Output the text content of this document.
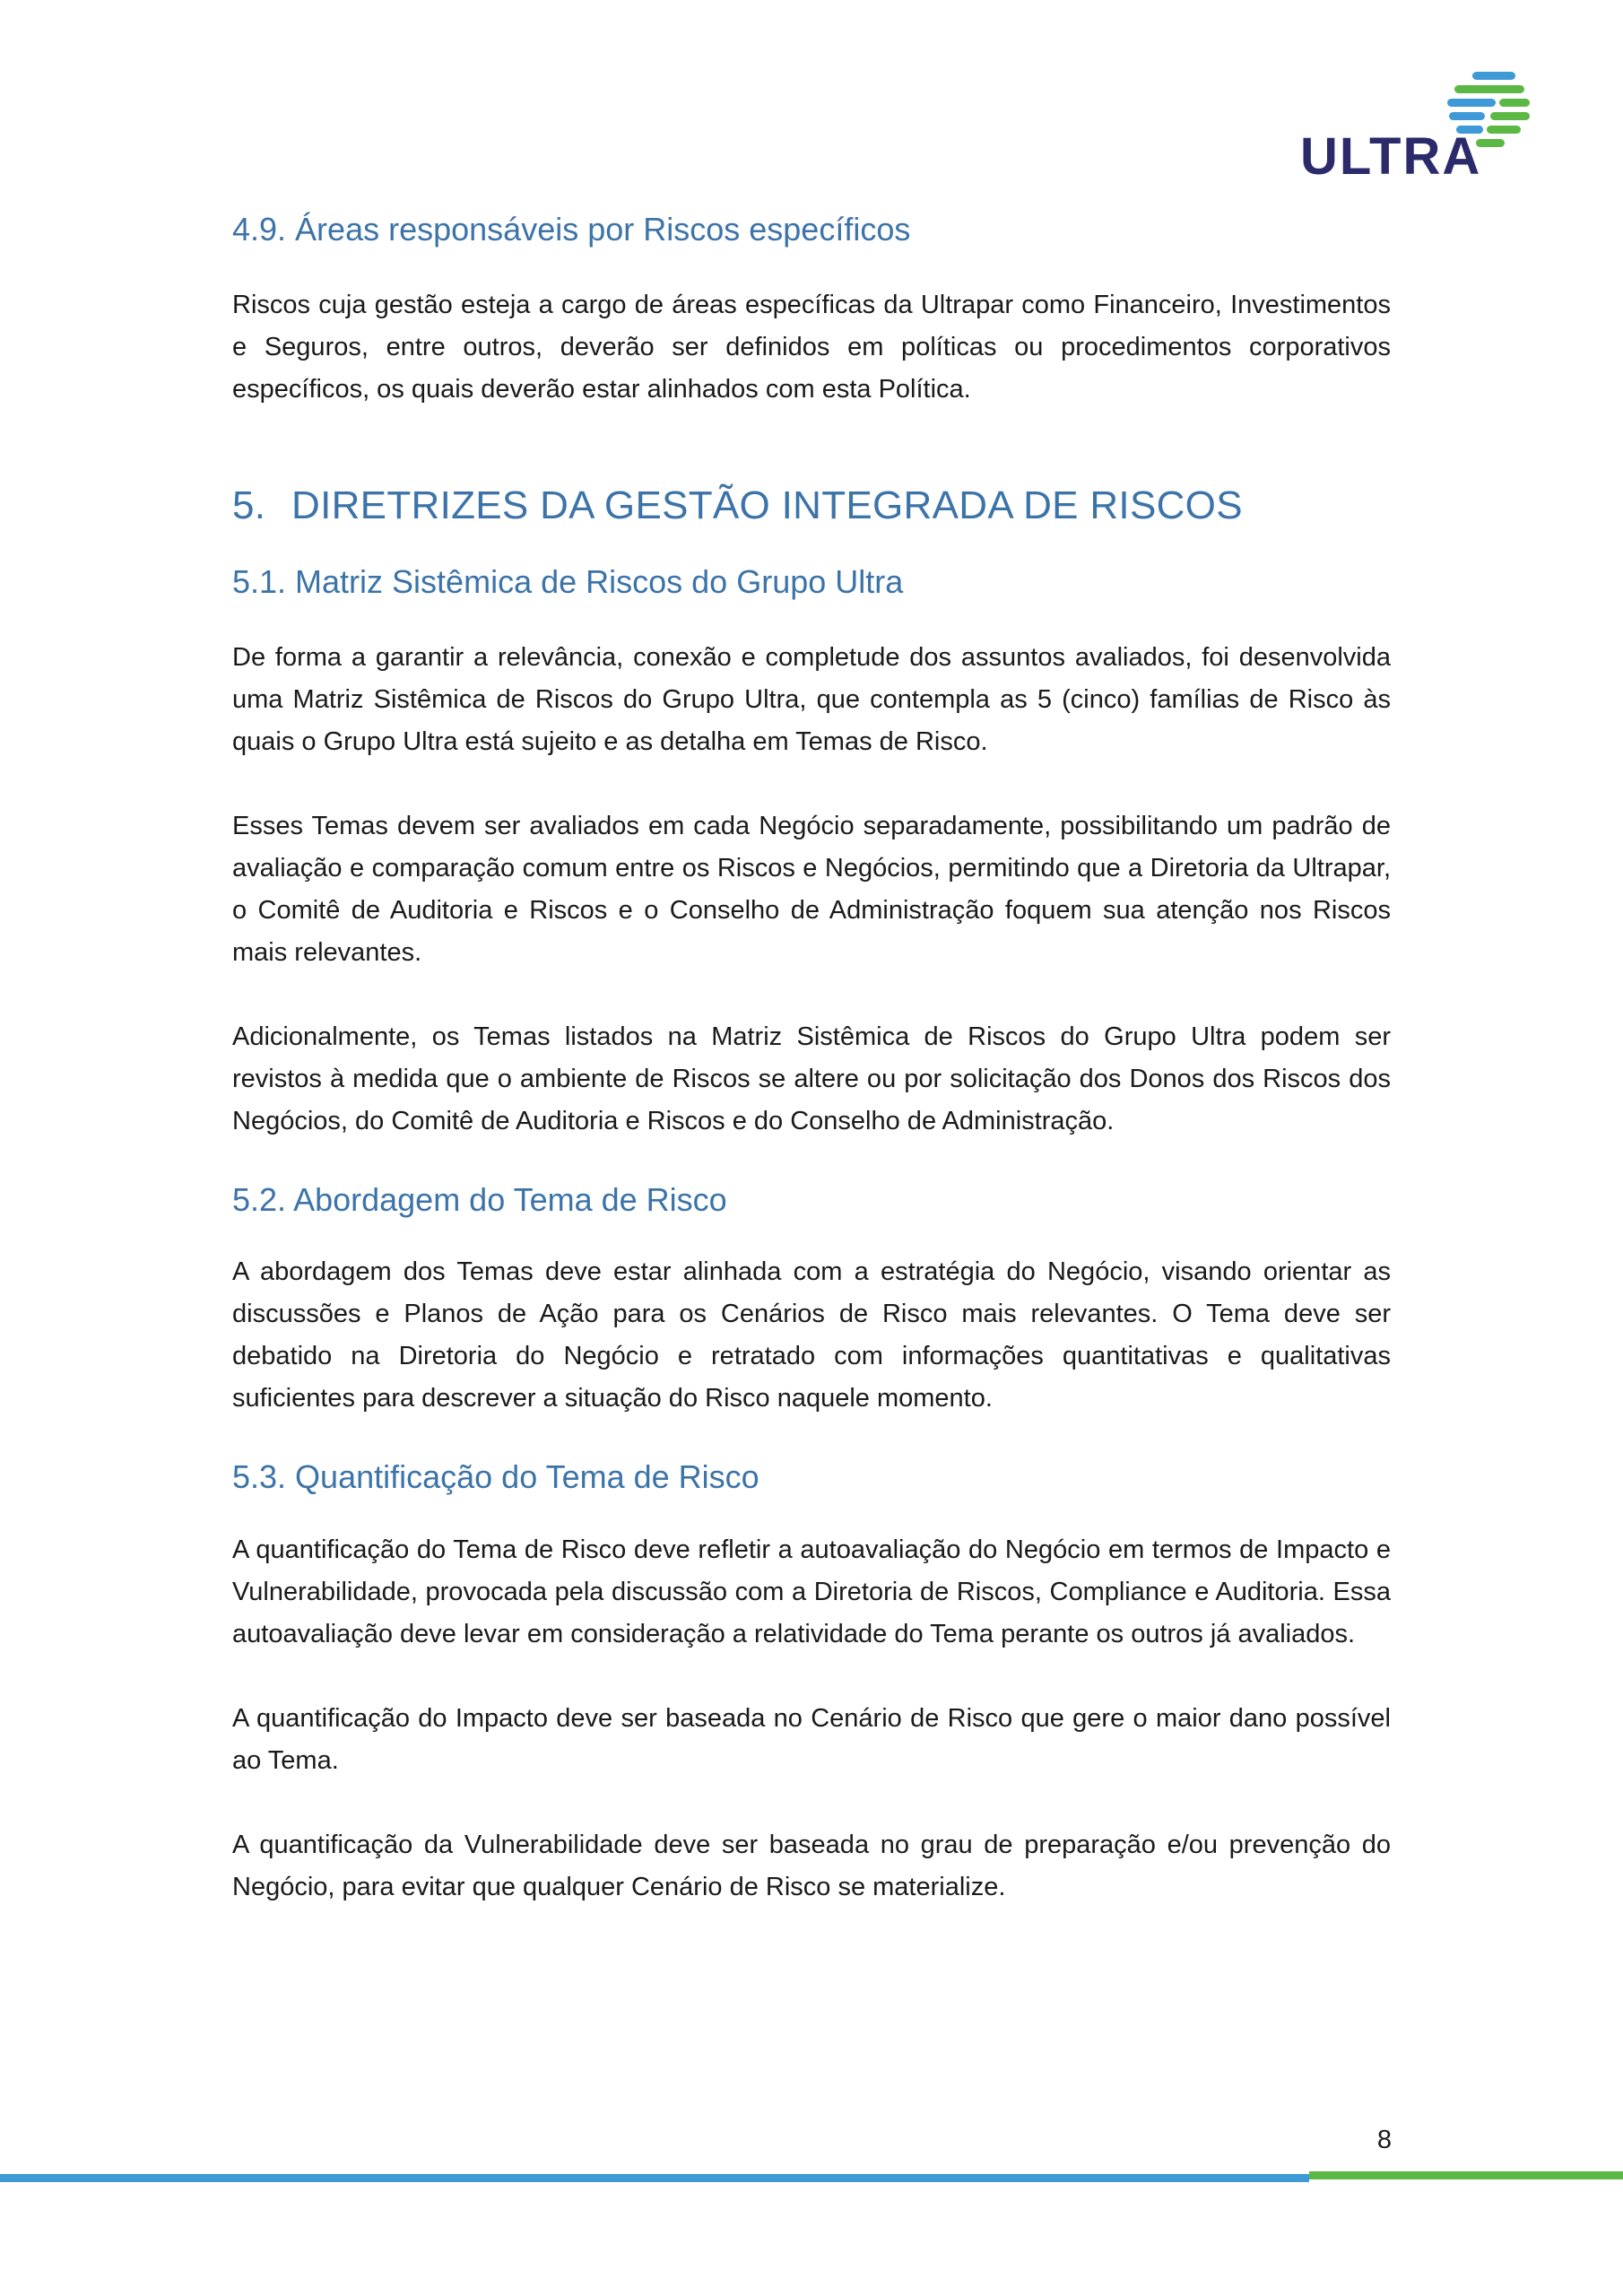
ULTRA
4.9. Áreas responsáveis por Riscos específicos

Riscos cuja gestão esteja a cargo de áreas específicas da Ultrapar como Financeiro, Investimentos e Seguros, entre outros, deverão ser definidos em políticas ou procedimentos corporativos específicos, os quais deverão estar alinhados com esta Política.

5. DIRETRIZES DA GESTÃO INTEGRADA DE RISCOS
5.1. Matriz Sistêmica de Riscos do Grupo Ultra

De forma a garantir a relevância, conexão e completude dos assuntos avaliados, foi desenvolvida uma Matriz Sistêmica de Riscos do Grupo Ultra, que contempla as 5 (cinco) famílias de Risco às quais o Grupo Ultra está sujeito e as detalha em Temas de Risco.

Esses Temas devem ser avaliados em cada Negócio separadamente, possibilitando um padrão de avaliação e comparação comum entre os Riscos e Negócios, permitindo que a Diretoria da Ultrapar, o Comitê de Auditoria e Riscos e o Conselho de Administração foquem sua atenção nos Riscos mais relevantes.

Adicionalmente, os Temas listados na Matriz Sistêmica de Riscos do Grupo Ultra podem ser revistos à medida que o ambiente de Riscos se altere ou por solicitação dos Donos dos Riscos dos Negócios, do Comitê de Auditoria e Riscos e do Conselho de Administração.

5.2. Abordagem do Tema de Risco

A abordagem dos Temas deve estar alinhada com a estratégia do Negócio, visando orientar as discussões e Planos de Ação para os Cenários de Risco mais relevantes. O Tema deve ser debatido na Diretoria do Negócio e retratado com informações quantitativas e qualitativas suficientes para descrever a situação do Risco naquele momento.

5.3. Quantificação do Tema de Risco

A quantificação do Tema de Risco deve refletir a autoavaliação do Negócio em termos de Impacto e Vulnerabilidade, provocada pela discussão com a Diretoria de Riscos, Compliance e Auditoria. Essa autoavaliação deve levar em consideração a relatividade do Tema perante os outros já avaliados.

A quantificação do Impacto deve ser baseada no Cenário de Risco que gere o maior dano possível ao Tema.

A quantificação da Vulnerabilidade deve ser baseada no grau de preparação e/ou prevenção do Negócio, para evitar que qualquer Cenário de Risco se materialize.

8
